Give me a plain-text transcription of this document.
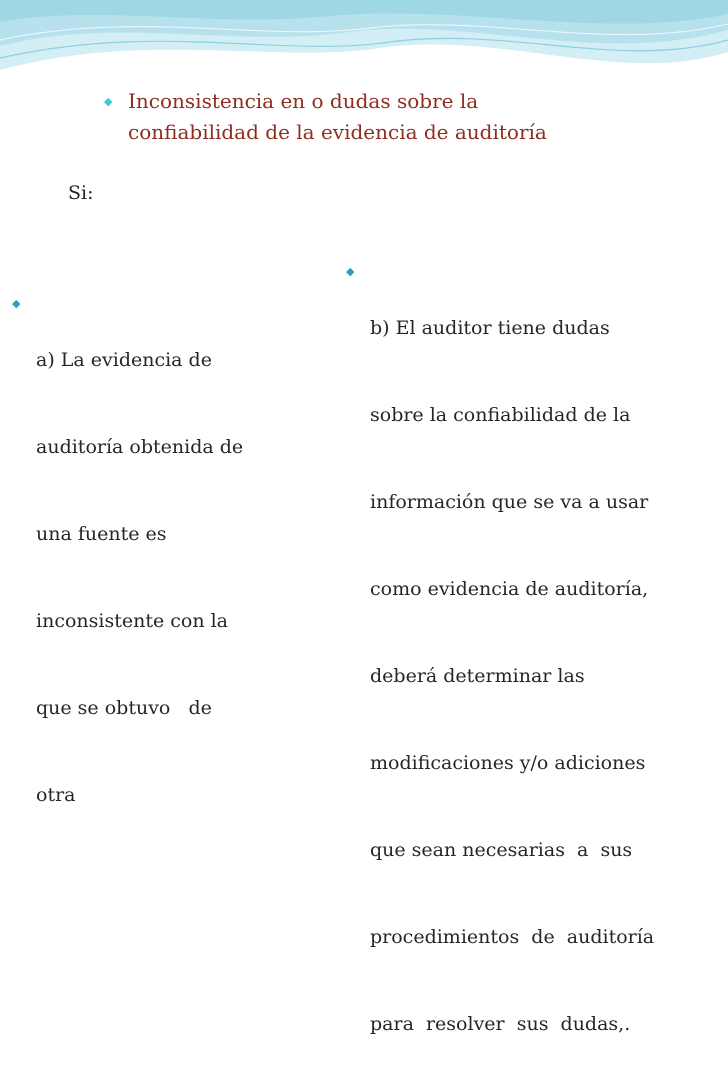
◆ Inconsistencia en o dudas sobre la
confiabilidad de la evidencia de auditoría
Si:
◆

a) La evidencia de

auditoría obtenida de

una fuente es

inconsistente con la

que se obtuvo   de

otra

◆

b) El auditor tiene dudas

sobre la confiabilidad de la

información que se va a usar

como evidencia de auditoría,

deberá determinar las

modificaciones y/o adiciones

que sean necesarias  a  sus

procedimientos  de  auditoría

para  resolver  sus  dudas,.
